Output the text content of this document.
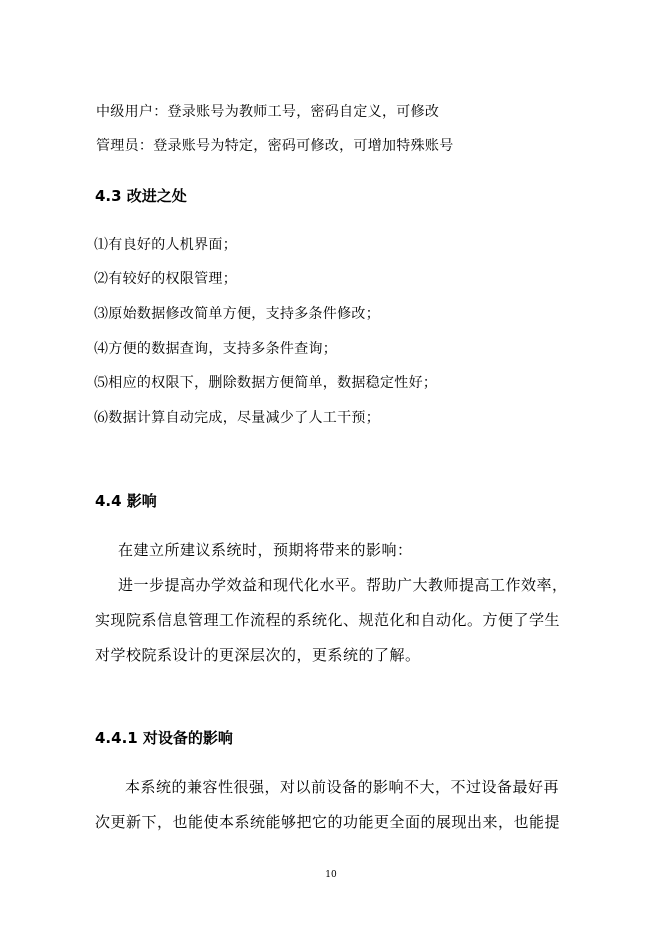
中级用户：登录账号为教师工号，密码自定义，可修改
管理员：登录账号为特定，密码可修改，可增加特殊账号
4.3 改进之处
⑴有良好的人机界面；
⑵有较好的权限管理；
⑶原始数据修改简单方便，支持多条件修改；
⑷方便的数据查询，支持多条件查询；
⑸相应的权限下，删除数据方便简单，数据稳定性好；
⑹数据计算自动完成，尽量减少了人工干预；
4.4 影响
在建立所建议系统时，预期将带来的影响：
进一步提高办学效益和现代化水平。帮助广大教师提高工作效率，
实现院系信息管理工作流程的系统化、规范化和自动化。方便了学生
对学校院系设计的更深层次的，更系统的了解。
4.4.1 对设备的影响
本系统的兼容性很强，对以前设备的影响不大，不过设备最好再
次更新下，也能使本系统能够把它的功能更全面的展现出来，也能提
10
